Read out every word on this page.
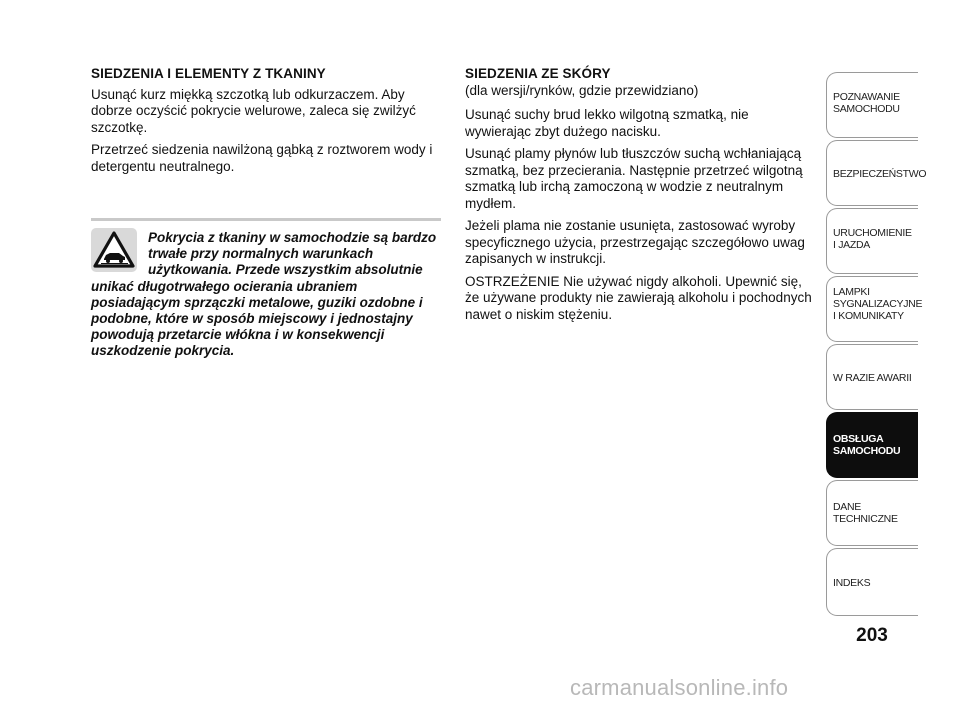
SIEDZENIA I ELEMENTY Z TKANINY

Usunąć kurz miękką szczotką lub odkurzaczem. Aby dobrze oczyścić pokrycie welurowe, zaleca się zwilżyć szczotkę.

Przetrzeć siedzenia nawilżoną gąbką z roztworem wody i detergentu neutralnego.

Pokrycia z tkaniny w samochodzie są bardzo trwałe przy normalnych warunkach użytkowania. Przede wszystkim absolutnie unikać długotrwałego ocierania ubraniem posiadającym sprzączki metalowe, guziki ozdobne i podobne, które w sposób miejscowy i jednostajny powodują przetarcie włókna i w konsekwencji uszkodzenie pokrycia.
SIEDZENIA ZE SKÓRY

(dla wersji/rynków, gdzie przewidziano)

Usunąć suchy brud lekko wilgotną szmatką, nie wywierając zbyt dużego nacisku.

Usunąć plamy płynów lub tłuszczów suchą wchłaniającą szmatką, bez przecierania. Następnie przetrzeć wilgotną szmatką lub irchą zamoczoną w wodzie z neutralnym mydłem.

Jeżeli plama nie zostanie usunięta, zastosować wyroby specyficznego użycia, przestrzegając szczegółowo uwag zapisanych w instrukcji.

OSTRZEŻENIE Nie używać nigdy alkoholi. Upewnić się, że używane produkty nie zawierają alkoholu i pochodnych nawet o niskim stężeniu.

POZNAWANIE
SAMOCHODU
BEZPIECZEŃSTWO
URUCHOMIENIE
I JAZDA
LAMPKI
SYGNALIZACYJNE
I KOMUNIKATY
W RAZIE AWARII
OBSŁUGA
SAMOCHODU
DANE
TECHNICZNE
INDEKS
203
carmanualsonline.info
